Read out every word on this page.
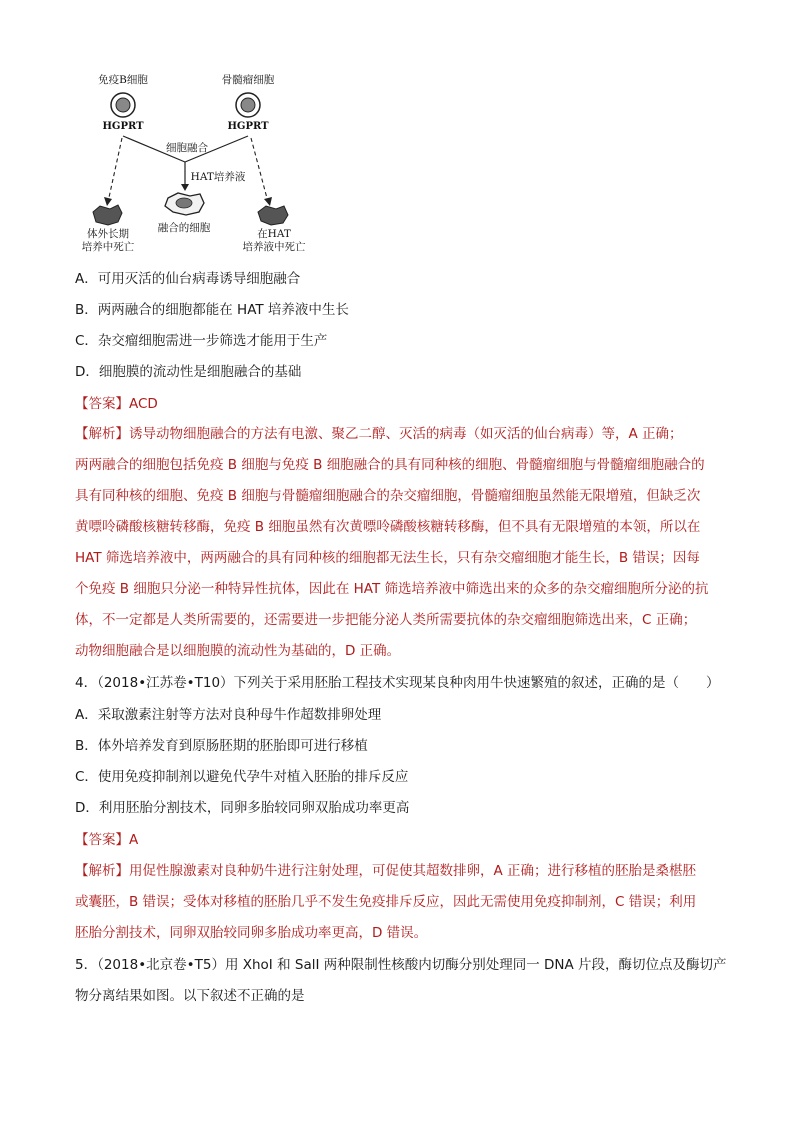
免疫B细胞	骨髓瘤细胞
HGPRT	HGPRT
细胞融合
HAT培养液
融合的细胞
体外长期
培养中死亡
在HAT
培养液中死亡
A．可用灭活的仙台病毒诱导细胞融合
B．两两融合的细胞都能在 HAT 培养液中生长
C．杂交瘤细胞需进一步筛选才能用于生产
D．细胞膜的流动性是细胞融合的基础
【答案】ACD
【解析】诱导动物细胞融合的方法有电激、聚乙二醇、灭活的病毒（如灭活的仙台病毒）等，A 正确；
两两融合的细胞包括免疫 B 细胞与免疫 B 细胞融合的具有同种核的细胞、骨髓瘤细胞与骨髓瘤细胞融合的
具有同种核的细胞、免疫 B 细胞与骨髓瘤细胞融合的杂交瘤细胞，骨髓瘤细胞虽然能无限增殖，但缺乏次
黄嘌呤磷酸核糖转移酶，免疫 B 细胞虽然有次黄嘌呤磷酸核糖转移酶，但不具有无限增殖的本领，所以在
HAT 筛选培养液中，两两融合的具有同种核的细胞都无法生长，只有杂交瘤细胞才能生长，B 错误；因每
个免疫 B 细胞只分泌一种特异性抗体，因此在 HAT 筛选培养液中筛选出来的众多的杂交瘤细胞所分泌的抗
体，不一定都是人类所需要的，还需要进一步把能分泌人类所需要抗体的杂交瘤细胞筛选出来，C 正确；
动物细胞融合是以细胞膜的流动性为基础的，D 正确。
4．（2018•江苏卷•T10）下列关于采用胚胎工程技术实现某良种肉用牛快速繁殖的叙述，正确的是（　　）
A．采取激素注射等方法对良种母牛作超数排卵处理
B．体外培养发育到原肠胚期的胚胎即可进行移植
C．使用免疫抑制剂以避免代孕牛对植入胚胎的排斥反应
D．利用胚胎分割技术，同卵多胎较同卵双胎成功率更高
【答案】A
【解析】用促性腺激素对良种奶牛进行注射处理，可促使其超数排卵，A 正确；进行移植的胚胎是桑椹胚
或囊胚，B 错误；受体对移植的胚胎几乎不发生免疫排斥反应，因此无需使用免疫抑制剂，C 错误；利用
胚胎分割技术，同卵双胎较同卵多胎成功率更高，D 错误。
5．（2018•北京卷•T5）用 XhoI 和 SalI 两种限制性核酸内切酶分别处理同一 DNA 片段，酶切位点及酶切产
物分离结果如图。以下叙述不正确的是
